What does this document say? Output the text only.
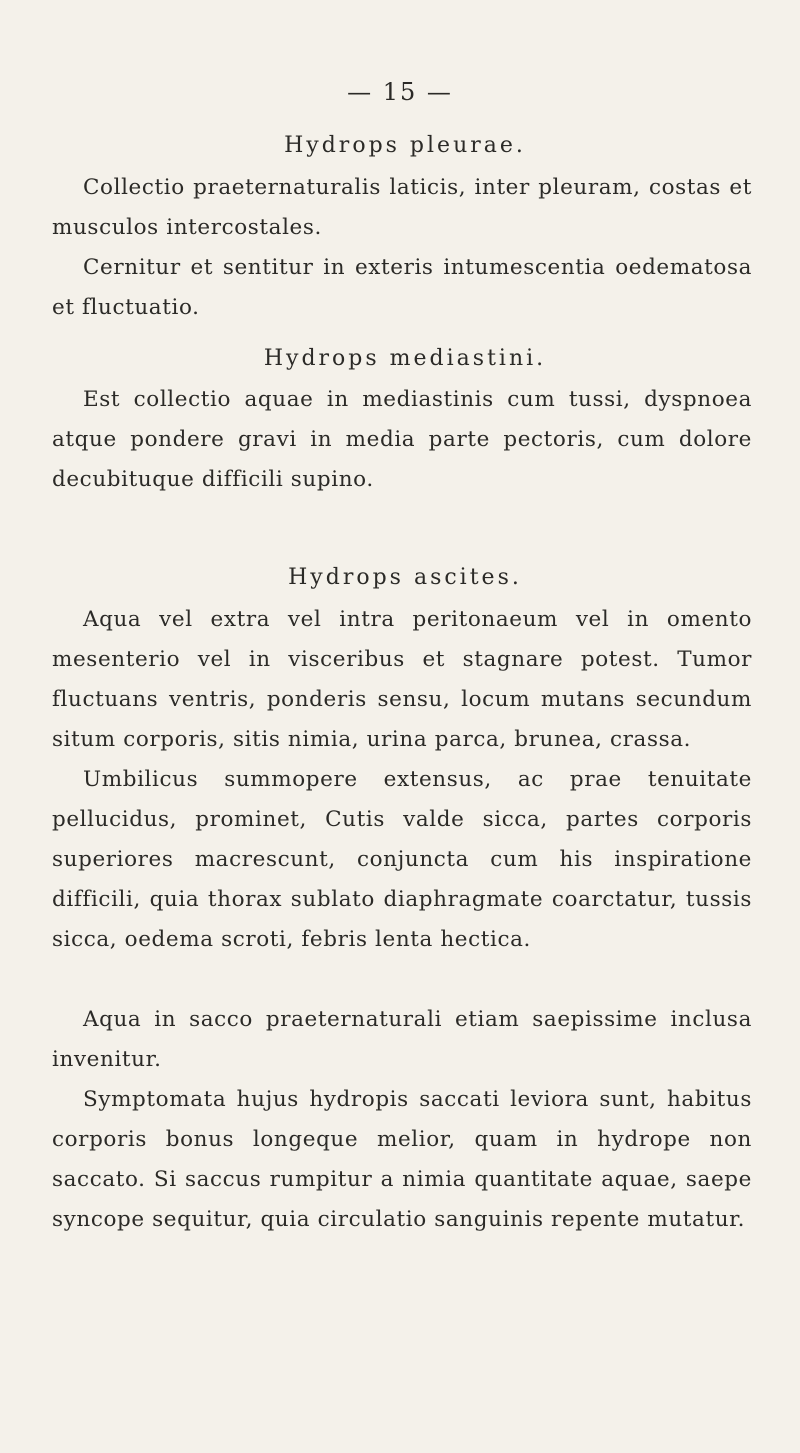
— 15 —
Hydrops pleurae.
Collectio praeternaturalis laticis, inter pleuram, costas et musculos intercostales.
Cernitur et sentitur in exteris intumescentia oedematosa et fluctuatio.
Hydrops mediastini.
Est collectio aquae in mediastinis cum tussi, dyspnoea atque pondere gravi in media parte pectoris, cum dolore decubituque difficili supino.
Hydrops ascites.
Aqua vel extra vel intra peritonaeum vel in omento mesenterio vel in visceribus et stagnare potest. Tumor fluctuans ventris, ponderis sensu, locum mutans secundum situm corporis, sitis nimia, urina parca, brunea, crassa.
Umbilicus summopere extensus, ac prae tenuitate pellucidus, prominet, Cutis valde sicca, partes corporis superiores macrescunt, conjuncta cum his inspiratione difficili, quia thorax sublato diaphragmate coarctatur, tussis sicca, oedema scroti, febris lenta hectica.
Aqua in sacco praeternaturali etiam saepissime inclusa invenitur.
Symptomata hujus hydropis saccati leviora sunt, habitus corporis bonus longeque melior, quam in hydrope non saccato. Si saccus rumpitur a nimia quantitate aquae, saepe syncope sequitur, quia circulatio sanguinis repente mutatur.
